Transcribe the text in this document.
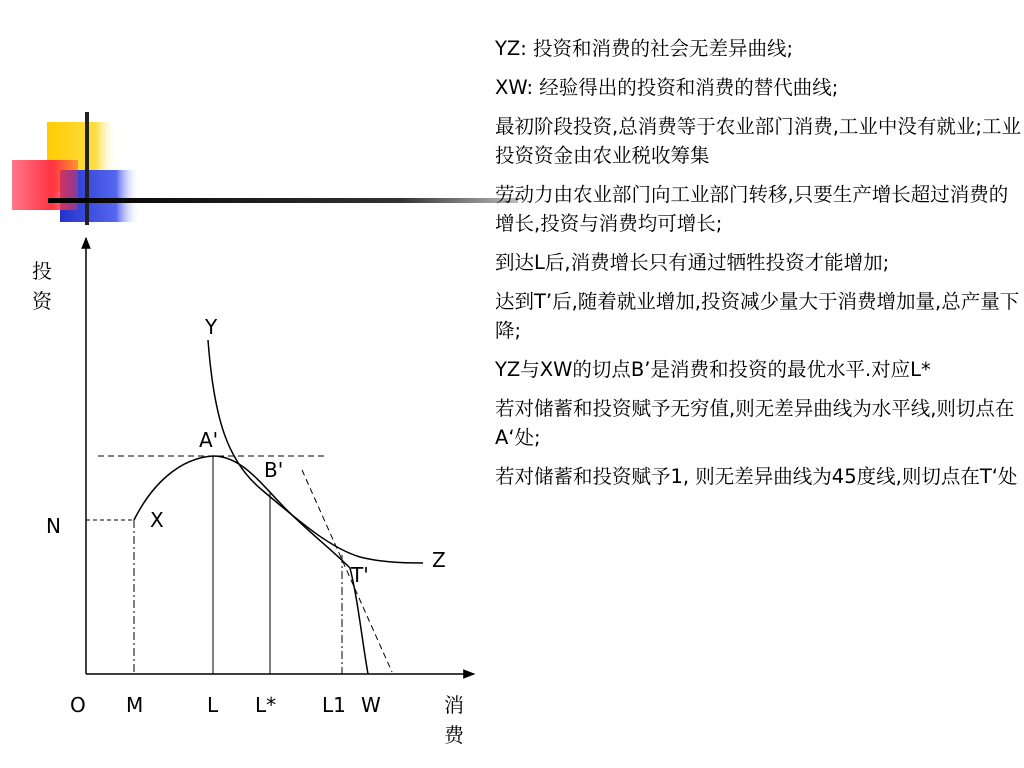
投
资
消
费
O M	L L* L1 W
N
Y
A'
B'
X
Z
T'

YZ: 投资和消费的社会无差异曲线;

XW: 经验得出的投资和消费的替代曲线;

最初阶段投资,总消费等于农业部门消费,工业中没有就业;工业投资资金由农业税收筹集

劳动力由农业部门向工业部门转移,只要生产增长超过消费的增长,投资与消费均可增长;

到达L后,消费增长只有通过牺牲投资才能增加;

达到T’后,随着就业增加,投资减少量大于消费增加量,总产量下降;

YZ与XW的切点B’是消费和投资的最优水平.对应L*

若对储蓄和投资赋予无穷值,则无差异曲线为水平线,则切点在A‘处;

若对储蓄和投资赋予1, 则无差异曲线为45度线,则切点在T‘处
